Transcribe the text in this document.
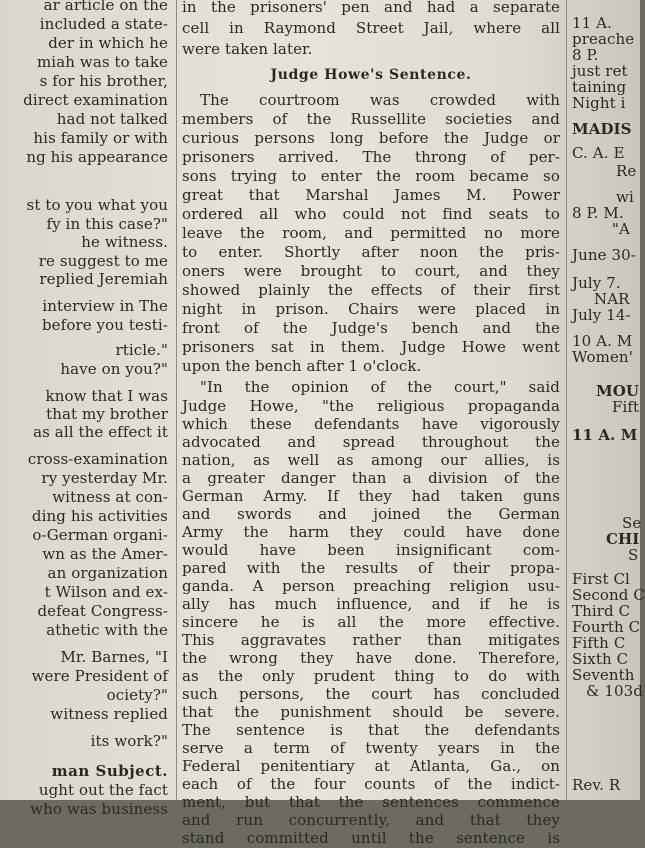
ar article on the
included a state-
der in which he
miah was to take
s for his brother,
direct examination
had not talked
his family or with
ng his appearance
st to you what you
fy in this case?"
he witness.
re suggest to me
replied Jeremiah
interview in The
before you testi-
rticle."
have on you?"
know that I was
that my brother
as all the effect it
cross-examination
ry yesterday Mr.
witness at con-
ding his activities
o-German organi-
wn as the Amer-
an organization
t Wilson and ex-
defeat Congress-
athetic with the
Mr. Barnes, "I
were President of
ociety?"
witness replied
its work?"
man Subject.
ught out the fact
who was business
in the prisoners' pen and had a separate
cell in Raymond Street Jail, where all
were taken later.
Judge Howe's Sentence.
The courtroom was crowded with
members of the Russellite societies and
curious persons long before the Judge or
prisoners arrived. The throng of per-
sons trying to enter the room became so
great that Marshal James M. Power
ordered all who could not find seats to
leave the room, and permitted no more
to enter. Shortly after noon the pris-
oners were brought to court, and they
showed plainly the effects of their first
night in prison. Chairs were placed in
front of the Judge's bench and the
prisoners sat in them. Judge Howe went
upon the bench after 1 o'clock.
"In the opinion of the court," said
Judge Howe, "the religious propaganda
which these defendants have vigorously
advocated and spread throughout the
nation, as well as among our allies, is
a greater danger than a division of the
German Army. If they had taken guns
and swords and joined the German
Army the harm they could have done
would have been insignificant com-
pared with the results of their propa-
ganda. A person preaching religion usu-
ally has much influence, and if he is
sincere he is all the more effective.
This aggravates rather than mitigates
the wrong they have done. Therefore,
as the only prudent thing to do with
such persons, the court has concluded
that the punishment should be severe.
The sentence is that the defendants
serve a term of twenty years in the
Federal penitentiary at Atlanta, Ga., on
each of the four counts of the indict-
ment, but that the sentences commence
and run concurrently, and that they
stand committed until the sentence is
11 A.
preache
8 P.
just ret
taining
Night i
MADIS
C. A. E
Re
wi
8 P. M.
"A
June 30-
July 7.
NAR
July 14-
10 A. M
Women'
MOU
Fift
11 A. M
Se
CHI
S
First Cl
Second C
Third C
Fourth C
Fifth C
Sixth C
Seventh
& 103d
Rev. R
